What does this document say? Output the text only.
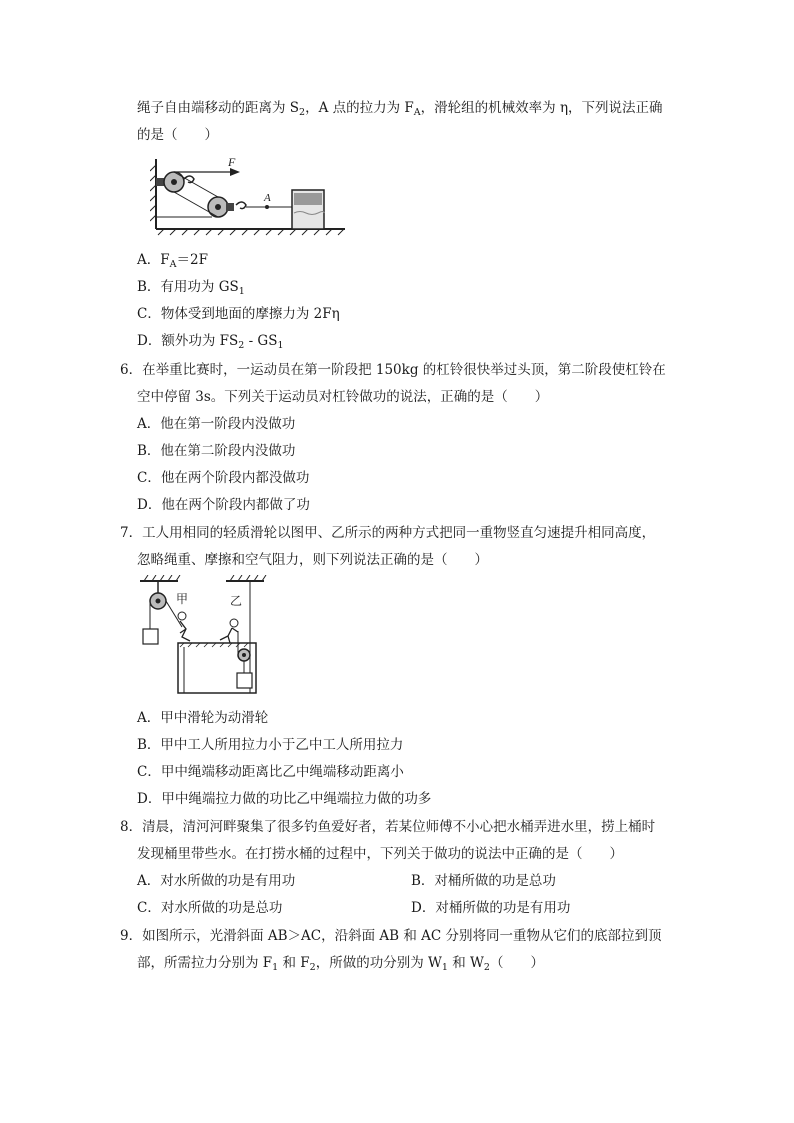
绳子自由端移动的距离为 $S_2$，A 点的拉力为 $F_A$，滑轮组的机械效率为 η，下列说法正确
的是（　　）
F
A
A．$F_A=2F$
B．有用功为 $GS_1$
C．物体受到地面的摩擦力为 2Fη
D．额外功为 $FS_2 - GS_1$
6．在举重比赛时，一运动员在第一阶段把 150kg 的杠铃很快举过头顶，第二阶段使杠铃在
空中停留 3s。下列关于运动员对杠铃做功的说法，正确的是（　　）
A．他在第一阶段内没做功
B．他在第二阶段内没做功
C．他在两个阶段内都没做功
D．他在两个阶段内都做了功
7．工人用相同的轻质滑轮以图甲、乙所示的两种方式把同一重物竖直匀速提升相同高度，
忽略绳重、摩擦和空气阻力，则下列说法正确的是（　　）
甲	乙
A．甲中滑轮为动滑轮
B．甲中工人所用拉力小于乙中工人所用拉力
C．甲中绳端移动距离比乙中绳端移动距离小
D．甲中绳端拉力做的功比乙中绳端拉力做的功多
8．清晨，清河河畔聚集了很多钓鱼爱好者，若某位师傅不小心把水桶弄进水里，捞上桶时
发现桶里带些水。在打捞水桶的过程中，下列关于做功的说法中正确的是（　　）
A．对水所做的功是有用功	B．对桶所做的功是总功
C．对水所做的功是总功	D．对桶所做的功是有用功
9．如图所示，光滑斜面 AB＞AC，沿斜面 AB 和 AC 分别将同一重物从它们的底部拉到顶
部，所需拉力分别为 $F_1$ 和 $F_2$，所做的功分别为 $W_1$ 和 $W_2$（　　）
